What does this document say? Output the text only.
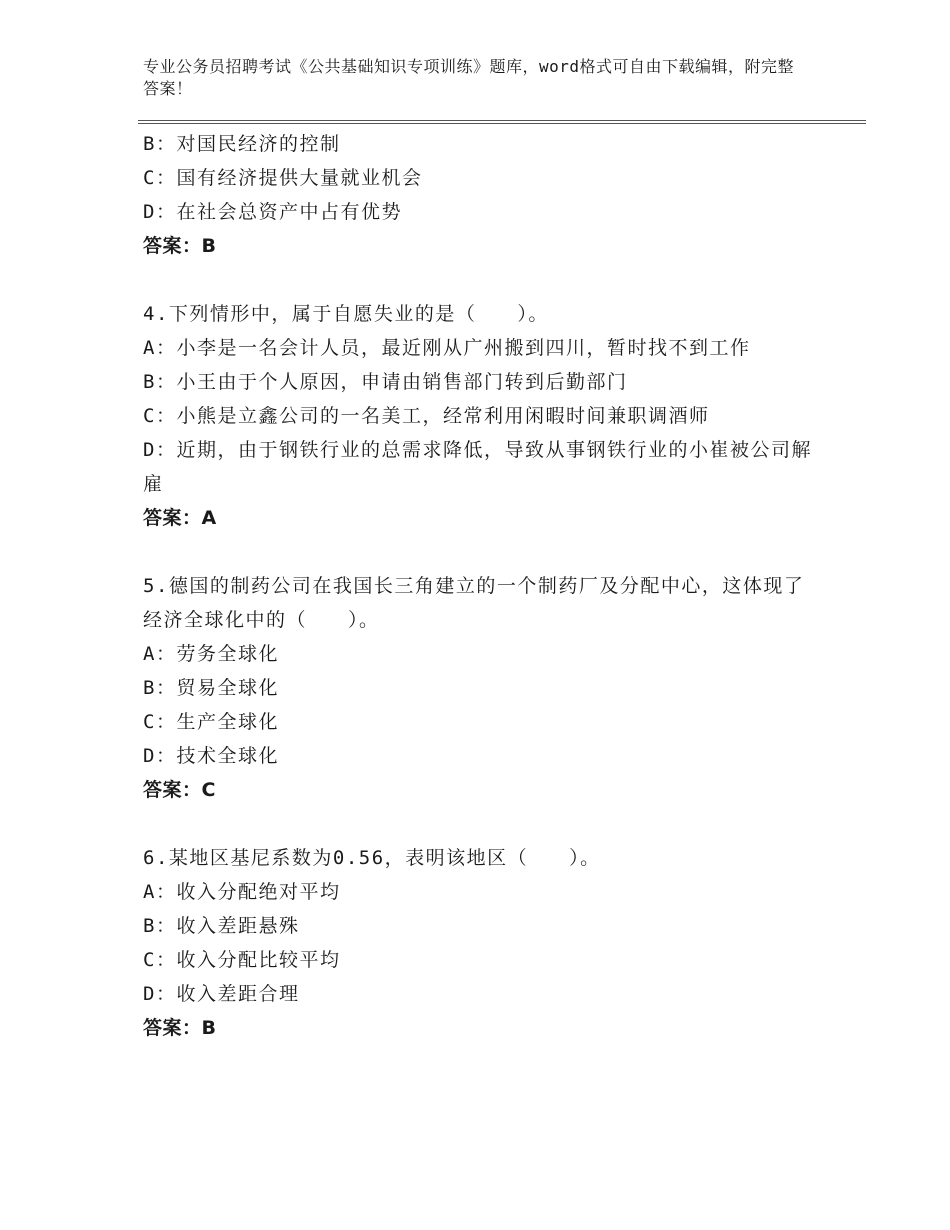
专业公务员招聘考试《公共基础知识专项训练》题库，word格式可自由下载编辑，附完整答案！

B：对国民经济的控制

C：国有经济提供大量就业机会

D：在社会总资产中占有优势

答案：B

4.下列情形中，属于自愿失业的是（　　）。

A：小李是一名会计人员，最近刚从广州搬到四川，暂时找不到工作

B：小王由于个人原因，申请由销售部门转到后勤部门

C：小熊是立鑫公司的一名美工，经常利用闲暇时间兼职调酒师

D：近期，由于钢铁行业的总需求降低，导致从事钢铁行业的小崔被公司解雇

答案：A

5.德国的制药公司在我国长三角建立的一个制药厂及分配中心，这体现了经济全球化中的（　　）。

A：劳务全球化

B：贸易全球化

C：生产全球化

D：技术全球化

答案：C

6.某地区基尼系数为0.56，表明该地区（　　）。

A：收入分配绝对平均

B：收入差距悬殊

C：收入分配比较平均

D：收入差距合理

答案：B
